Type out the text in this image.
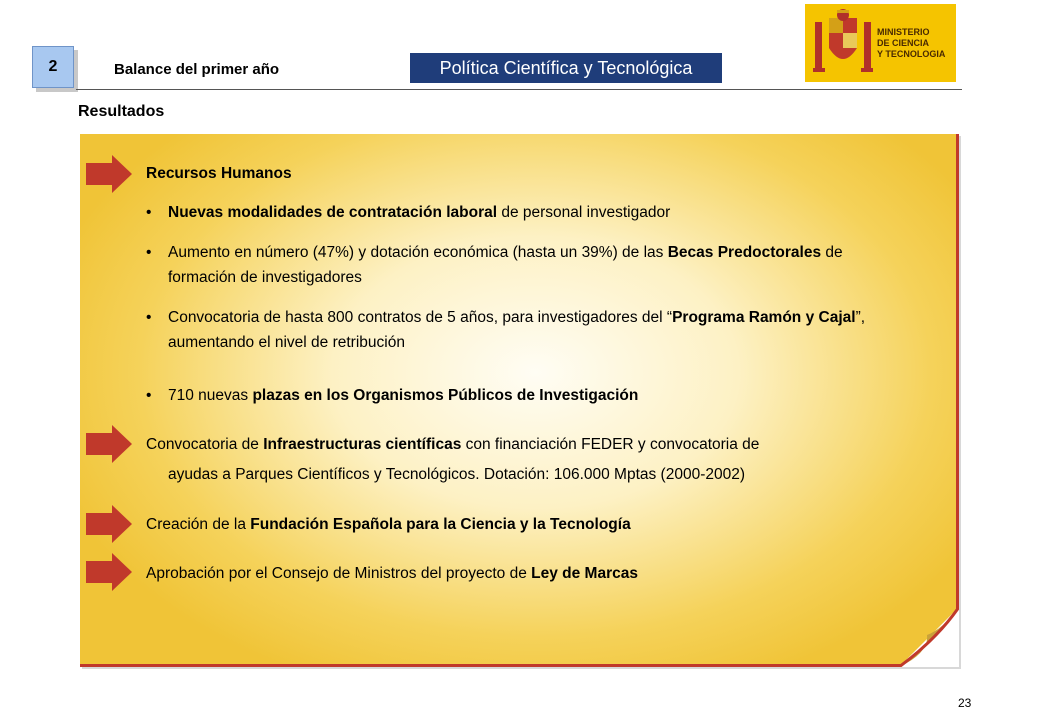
2	Balance del primer año	Política Científica y Tecnológica
MINISTERIO
DE CIENCIA
Y TECNOLOGIA
Resultados
Recursos Humanos
• Nuevas modalidades de contratación laboral de personal investigador
• Aumento en número (47%) y dotación económica (hasta un 39%) de las Becas Predoctorales de formación de investigadores
• Convocatoria de hasta 800 contratos de 5 años, para investigadores del “Programa Ramón y Cajal”, aumentando el nivel de retribución
• 710 nuevas plazas en los Organismos Públicos de Investigación
Convocatoria de Infraestructuras científicas con financiación FEDER y convocatoria de
ayudas a Parques Científicos y Tecnológicos. Dotación: 106.000 Mptas (2000-2002)
Creación de la Fundación Española para la Ciencia y la Tecnología
Aprobación por el Consejo de Ministros del proyecto de Ley de Marcas
23
